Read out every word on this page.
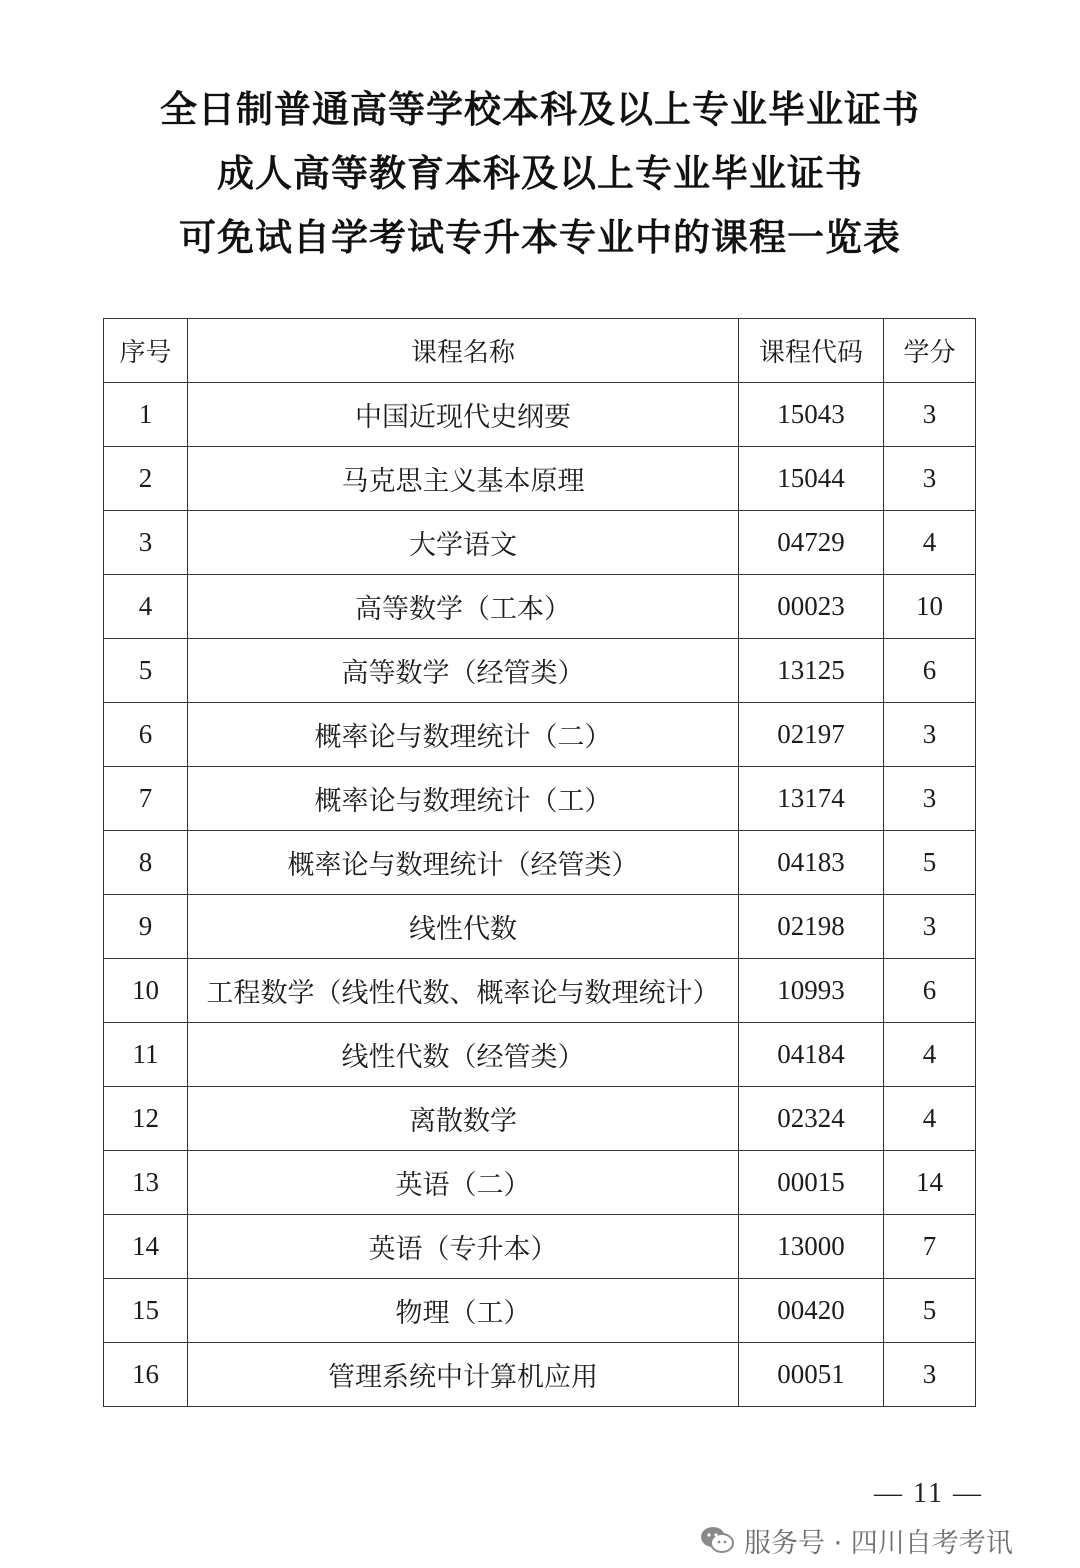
全日制普通高等学校本科及以上专业毕业证书
成人高等教育本科及以上专业毕业证书
可免试自学考试专升本专业中的课程一览表
序号	课程名称	课程代码	学分
1	中国近现代史纲要	15043	3
2	马克思主义基本原理	15044	3
3	大学语文	04729	4
4	高等数学（工本）	00023	10
5	高等数学（经管类）	13125	6
6	概率论与数理统计（二）	02197	3
7	概率论与数理统计（工）	13174	3
8	概率论与数理统计（经管类）	04183	5
9	线性代数	02198	3
10	工程数学（线性代数、概率论与数理统计）	10993	6
11	线性代数（经管类）	04184	4
12	离散数学	02324	4
13	英语（二）	00015	14
14	英语（专升本）	13000	7
15	物理（工）	00420	5
16	管理系统中计算机应用	00051	3
— 11 —
服务号 · 四川自考考讯
